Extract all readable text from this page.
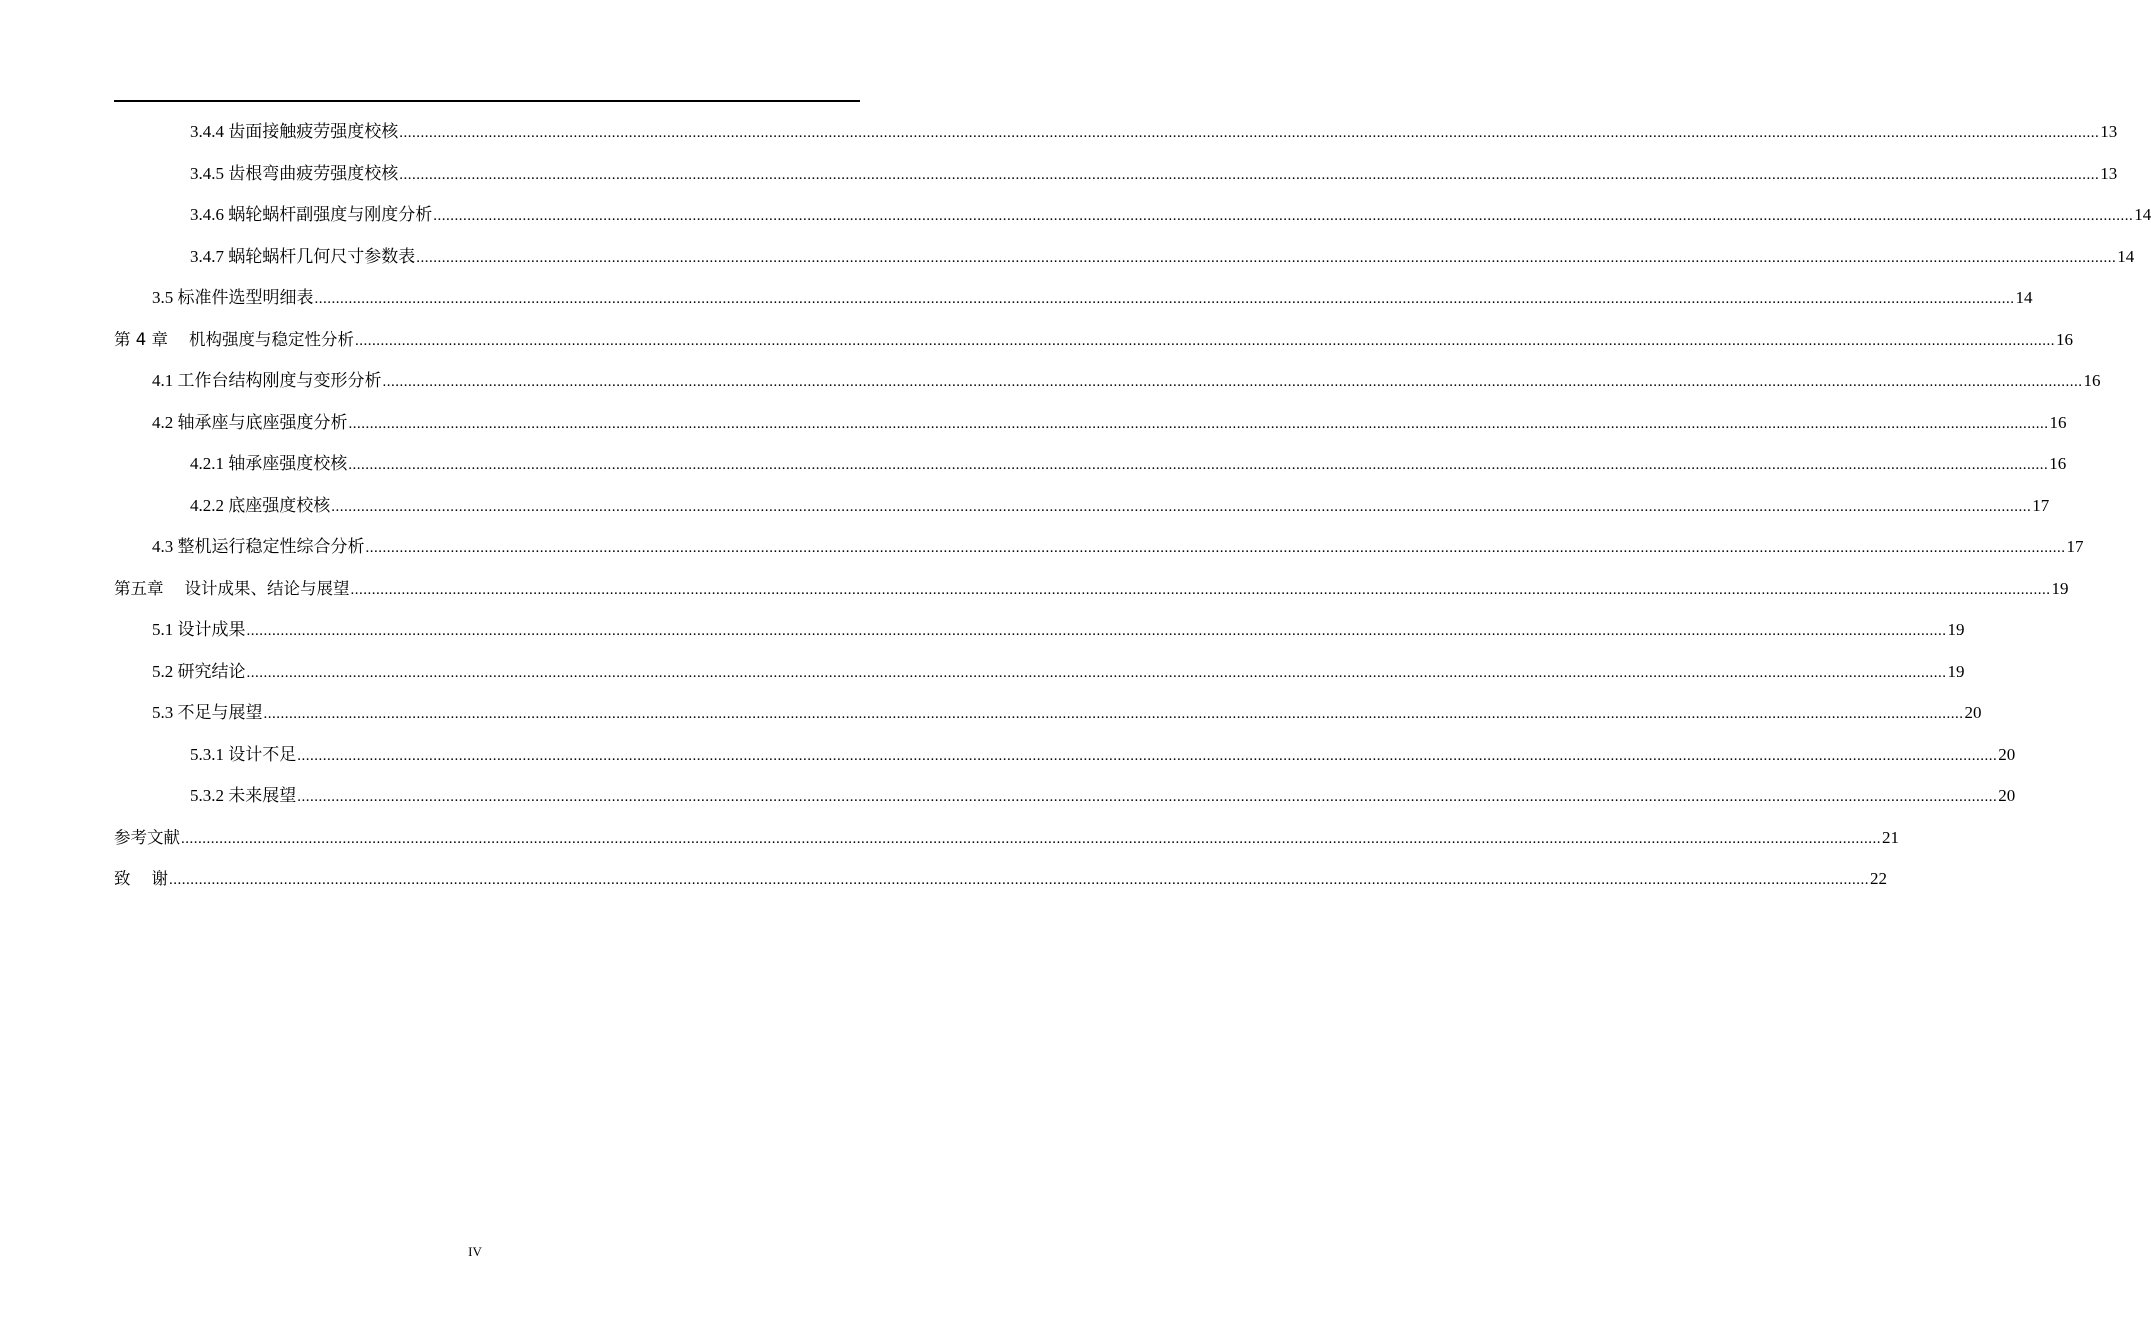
3.4.4 齿面接触疲劳强度校核 ................................................................................................................................................................................................................................................................................................................................................................................................................ 13
3.4.5 齿根弯曲疲劳强度校核 ................................................................................................................................................................................................................................................................................................................................................................................................................ 13
3.4.6 蜗轮蜗杆副强度与刚度分析 ................................................................................................................................................................................................................................................................................................................................................................................................................ 14
3.4.7 蜗轮蜗杆几何尺寸参数表 ................................................................................................................................................................................................................................................................................................................................................................................................................ 14
3.5 标准件选型明细表 ................................................................................................................................................................................................................................................................................................................................................................................................................ 14
第 4 章    机构强度与稳定性分析 ................................................................................................................................................................................................................................................................................................................................................................................................................ 16
4.1 工作台结构刚度与变形分析 ................................................................................................................................................................................................................................................................................................................................................................................................................ 16
4.2 轴承座与底座强度分析 ................................................................................................................................................................................................................................................................................................................................................................................................................ 16
4.2.1 轴承座强度校核 ................................................................................................................................................................................................................................................................................................................................................................................................................ 16
4.2.2 底座强度校核 ................................................................................................................................................................................................................................................................................................................................................................................................................ 17
4.3 整机运行稳定性综合分析 ................................................................................................................................................................................................................................................................................................................................................................................................................ 17
第五章    设计成果、结论与展望 ................................................................................................................................................................................................................................................................................................................................................................................................................ 19
5.1 设计成果 ................................................................................................................................................................................................................................................................................................................................................................................................................ 19
5.2 研究结论 ................................................................................................................................................................................................................................................................................................................................................................................................................ 19
5.3 不足与展望 ................................................................................................................................................................................................................................................................................................................................................................................................................ 20
5.3.1 设计不足 ................................................................................................................................................................................................................................................................................................................................................................................................................ 20
5.3.2 未来展望 ................................................................................................................................................................................................................................................................................................................................................................................................................ 20
参考文献 ................................................................................................................................................................................................................................................................................................................................................................................................................ 21
致    谢 ................................................................................................................................................................................................................................................................................................................................................................................................................ 22
IV
